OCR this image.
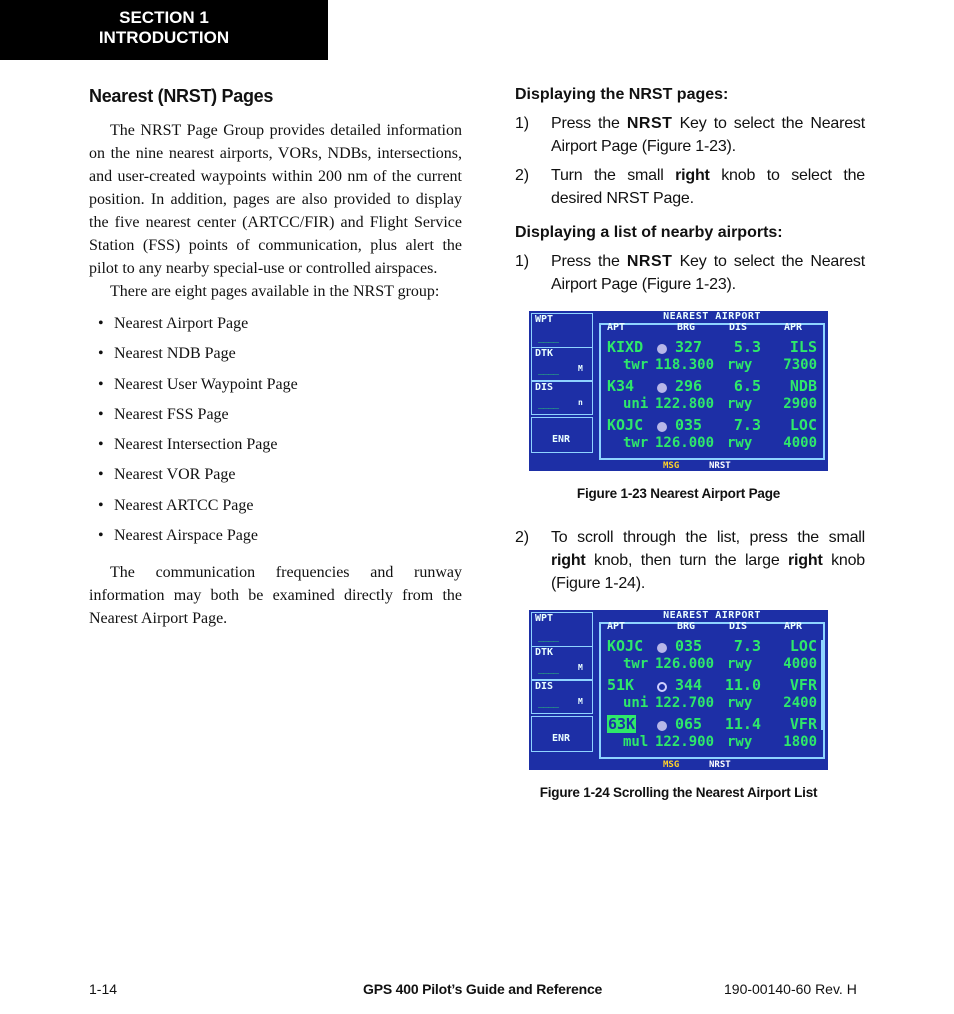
SECTION 1
INTRODUCTION
Nearest (NRST) Pages

The NRST Page Group provides detailed information on the nine nearest airports, VORs, NDBs, intersections, and user-created waypoints within 200 nm of the current position. In addition, pages are also provided to display the five nearest center (ARTCC/FIR) and Flight Service Station (FSS) points of communication, plus alert the pilot to any nearby special-use or controlled airspaces.

There are eight pages available in the NRST group:

• Nearest Airport Page
• Nearest NDB Page
• Nearest User Waypoint Page
• Nearest FSS Page
• Nearest Intersection Page
• Nearest VOR Page
• Nearest ARTCC Page
• Nearest Airspace Page

The communication frequencies and runway information may both be examined directly from the Nearest Airport Page.

Displaying the NRST pages:
1)	Press the NRST Key to select the Nearest Airport Page (Figure 1-23).
2)	Turn the small right knob to select the desired NRST Page.
Displaying a list of nearby airports:
1)	Press the NRST Key to select the Nearest Airport Page (Figure 1-23).
WPT
____
DTK
____ M
DIS
____ n
ENR
NEAREST AIRPORT
APT	BRG	DIS	APR
KIXD 327 5.3 ILS
twr 118.300 rwy 7300
K34	296 6.5 NDB
uni 122.800 rwy 2900
KOJC 035 7.3 LOC
twr 126.000 rwy 4000
MSG	NRST
Figure 1-23 Nearest Airport Page
2)	To scroll through the list, press the small right knob, then turn the large right knob (Figure 1-24).
WPT
____
DTK
____ M
DIS
____ M
ENR
NEAREST AIRPORT
APT	BRG	DIS	APR
KOJC 035 7.3 LOC
twr 126.000 rwy 4000
51K	344 11.0 VFR
uni 122.700 rwy 2400
63K	065 11.4 VFR
mul 122.900 rwy 1800
MSG	NRST
Figure 1-24 Scrolling the Nearest Airport List
1-14	GPS 400 Pilot’s Guide and Reference	190-00140-60 Rev. H
